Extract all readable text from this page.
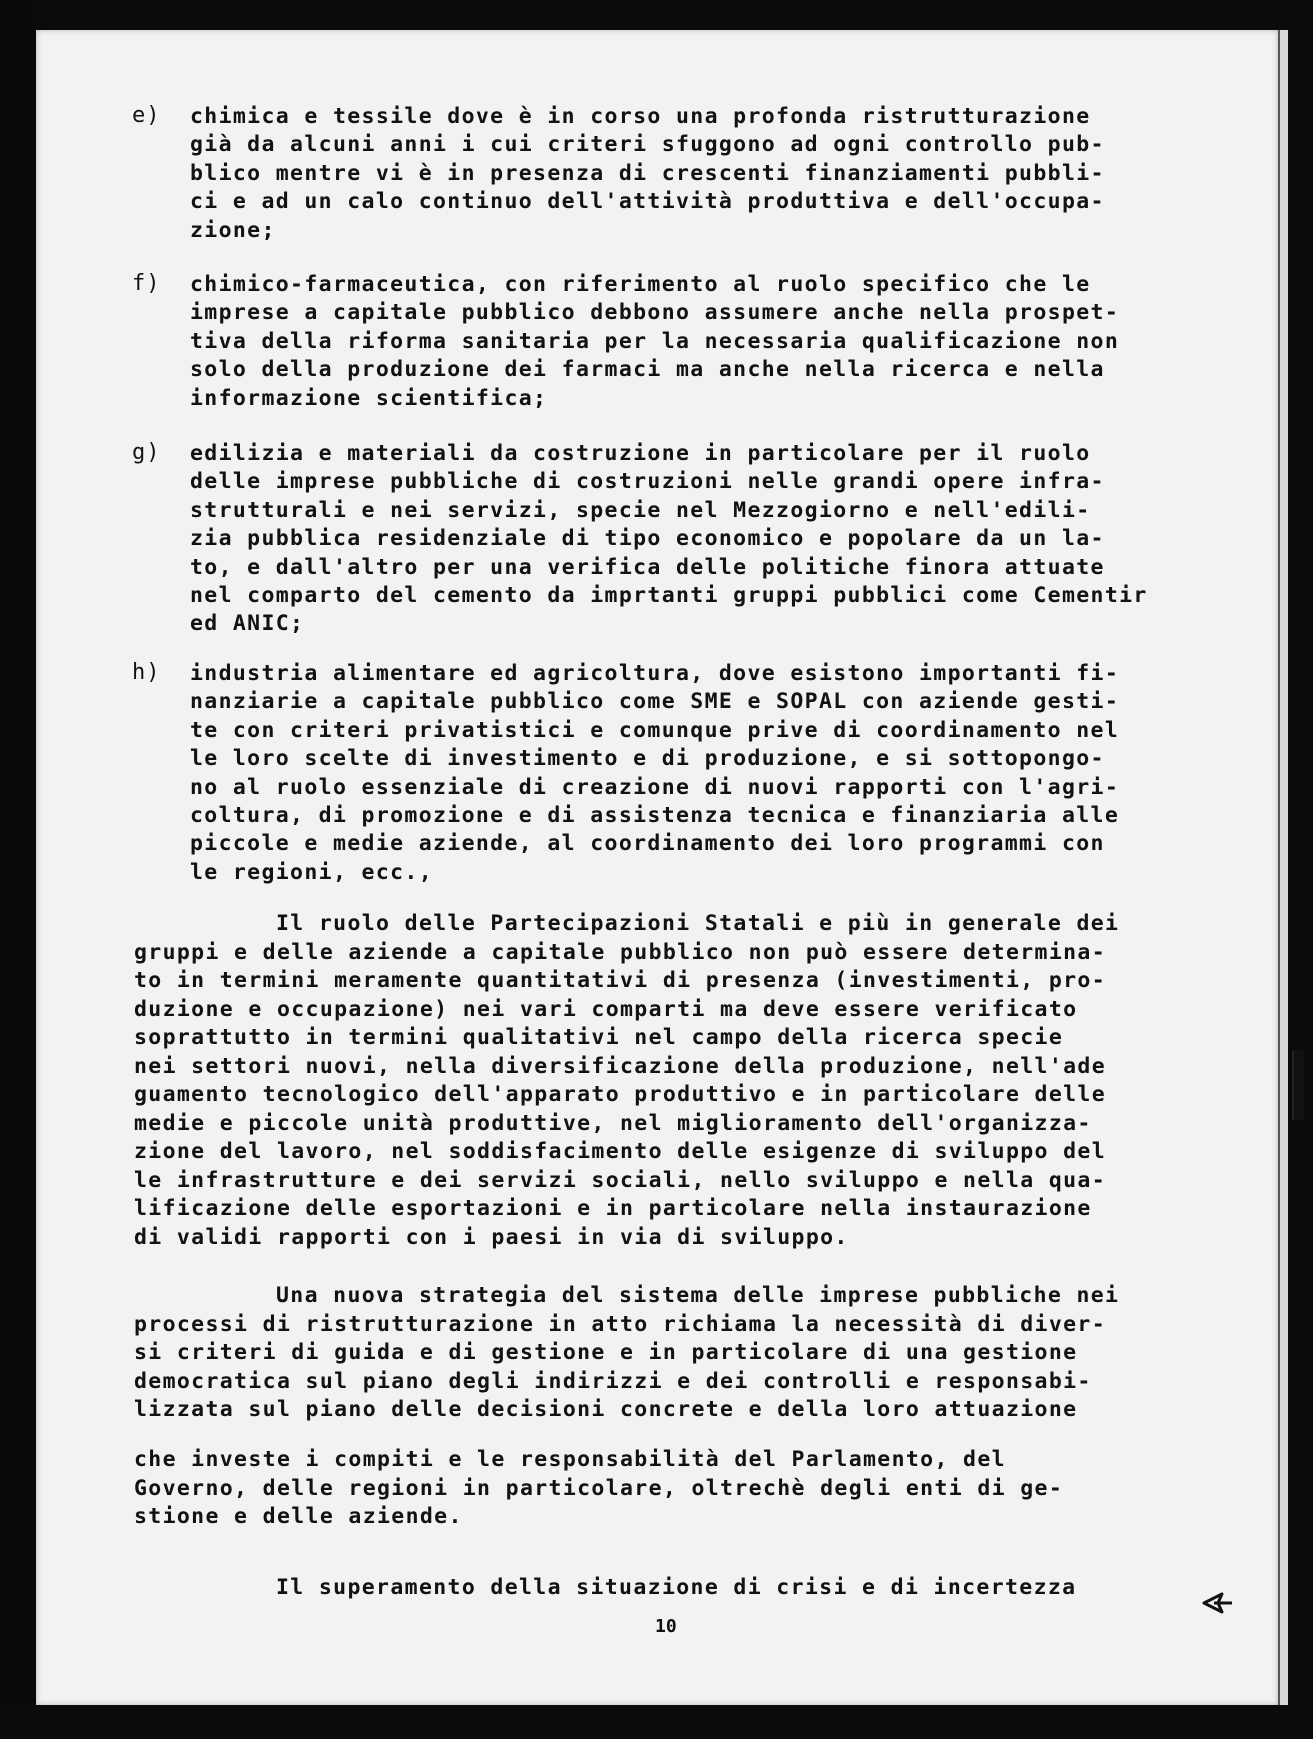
e) chimica e tessile dove è in corso una profonda ristrutturazione
già da alcuni anni i cui criteri sfuggono ad ogni controllo pub-
blico mentre vi è in presenza di crescenti finanziamenti pubbli-
ci e ad un calo continuo dell'attività produttiva e dell'occupa-
zione;
f) chimico-farmaceutica, con riferimento al ruolo specifico che le
imprese a capitale pubblico debbono assumere anche nella prospet-
tiva della riforma sanitaria per la necessaria qualificazione non
solo della produzione dei farmaci ma anche nella ricerca e nella
informazione scientifica;
g) edilizia e materiali da costruzione in particolare per il ruolo
delle imprese pubbliche di costruzioni nelle grandi opere infra-
strutturali e nei servizi, specie nel Mezzogiorno e nell'edili-
zia pubblica residenziale di tipo economico e popolare da un la-
to, e dall'altro per una verifica delle politiche finora attuate
nel comparto del cemento da imprtanti gruppi pubblici come Cementir
ed ANIC;
h) industria alimentare ed agricoltura, dove esistono importanti fi-
nanziarie a capitale pubblico come SME e SOPAL con aziende gesti-
te con criteri privatistici e comunque prive di coordinamento nel
le loro scelte di investimento e di produzione, e si sottopongo-
no al ruolo essenziale di creazione di nuovi rapporti con l'agri-
coltura, di promozione e di assistenza tecnica e finanziaria alle
piccole e medie aziende, al coordinamento dei loro programmi con
le regioni, ecc.,
Il ruolo delle Partecipazioni Statali e più in generale dei
gruppi e delle aziende a capitale pubblico non può essere determina-
to in termini meramente quantitativi di presenza (investimenti, pro-
duzione e occupazione) nei vari comparti ma deve essere verificato
soprattutto in termini qualitativi nel campo della ricerca specie
nei settori nuovi, nella diversificazione della produzione, nell'ade
guamento tecnologico dell'apparato produttivo e in particolare delle
medie e piccole unità produttive, nel miglioramento dell'organizza-
zione del lavoro, nel soddisfacimento delle esigenze di sviluppo del
le infrastrutture e dei servizi sociali, nello sviluppo e nella qua-
lificazione delle esportazioni e in particolare nella instaurazione
di validi rapporti con i paesi in via di sviluppo.
Una nuova strategia del sistema delle imprese pubbliche nei
processi di ristrutturazione in atto richiama la necessità di diver-
si criteri di guida e di gestione e in particolare di una gestione
democratica sul piano degli indirizzi e dei controlli e responsabi-
lizzata sul piano delle decisioni concrete e della loro attuazione
che investe i compiti e le responsabilità del Parlamento, del
Governo, delle regioni in particolare, oltrechè degli enti di ge-
stione e delle aziende.
Il superamento della situazione di crisi e di incertezza
10
